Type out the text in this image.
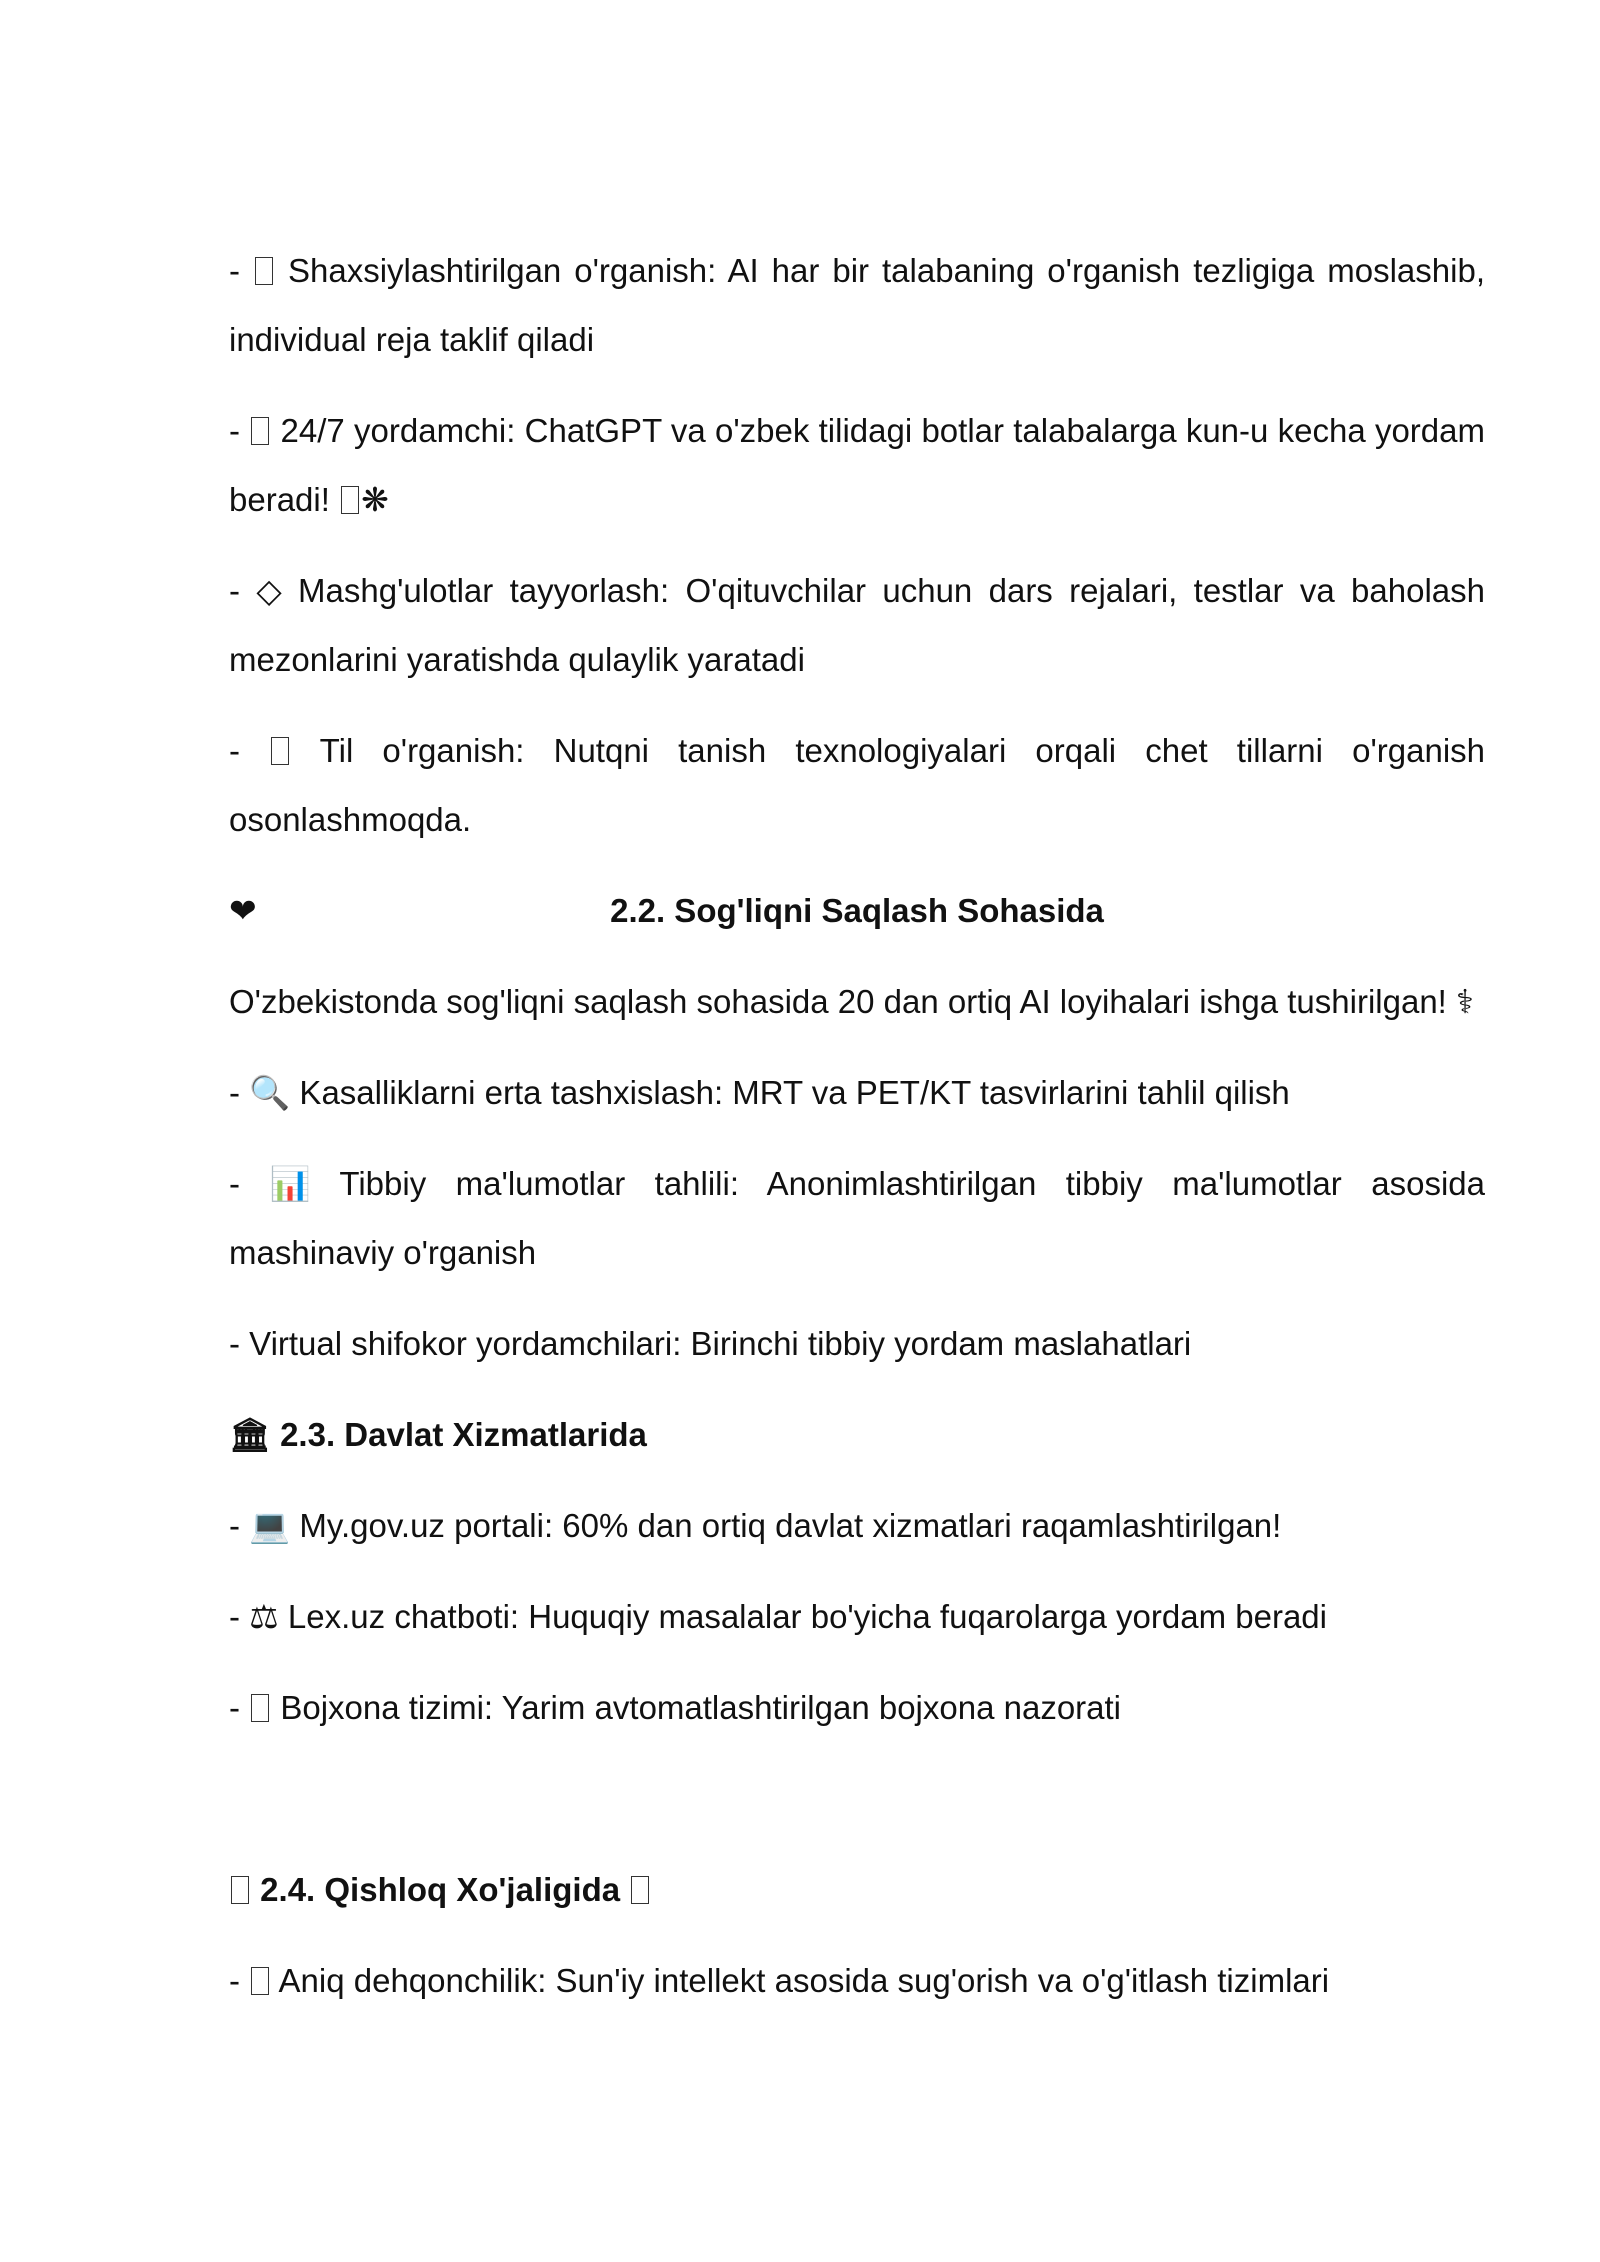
-  Shaxsiylashtirilgan o'rganish: AI har bir talabaning o'rganish tezligiga moslashib, individual reja taklif qiladi

-  24/7 yordamchi: ChatGPT va o'zbek tilidagi botlar talabalarga kun-u kecha yordam beradi! ❋

- ◇ Mashg'ulotlar tayyorlash: O'qituvchilar uchun dars rejalari, testlar va baholash mezonlarini yaratishda qulaylik yaratadi

-  Til o'rganish: Nutqni tanish texnologiyalari orqali chet tillarni o'rganish osonlashmoqda.

❤	2.2. Sog'liqni Saqlash Sohasida

O'zbekistonda sog'liqni saqlash sohasida 20 dan ortiq AI loyihalari ishga tushirilgan! ⚕

- 🔍 Kasalliklarni erta tashxislash: MRT va PET/KT tasvirlarini tahlil qilish

- 📊 Tibbiy ma'lumotlar tahlili: Anonimlashtirilgan tibbiy ma'lumotlar asosida mashinaviy o'rganish

- Virtual shifokor yordamchilari: Birinchi tibbiy yordam maslahatlari

🏛 2.3. Davlat Xizmatlarida

- 💻 My.gov.uz portali: 60% dan ortiq davlat xizmatlari raqamlashtirilgan!

- ⚖ Lex.uz chatboti: Huquqiy masalalar bo'yicha fuqarolarga yordam beradi

-  Bojxona tizimi: Yarim avtomatlashtirilgan bojxona nazorati

2.4. Qishloq Xo'jaligida

-  Aniq dehqonchilik: Sun'iy intellekt asosida sug'orish va o'g'itlash tizimlari
